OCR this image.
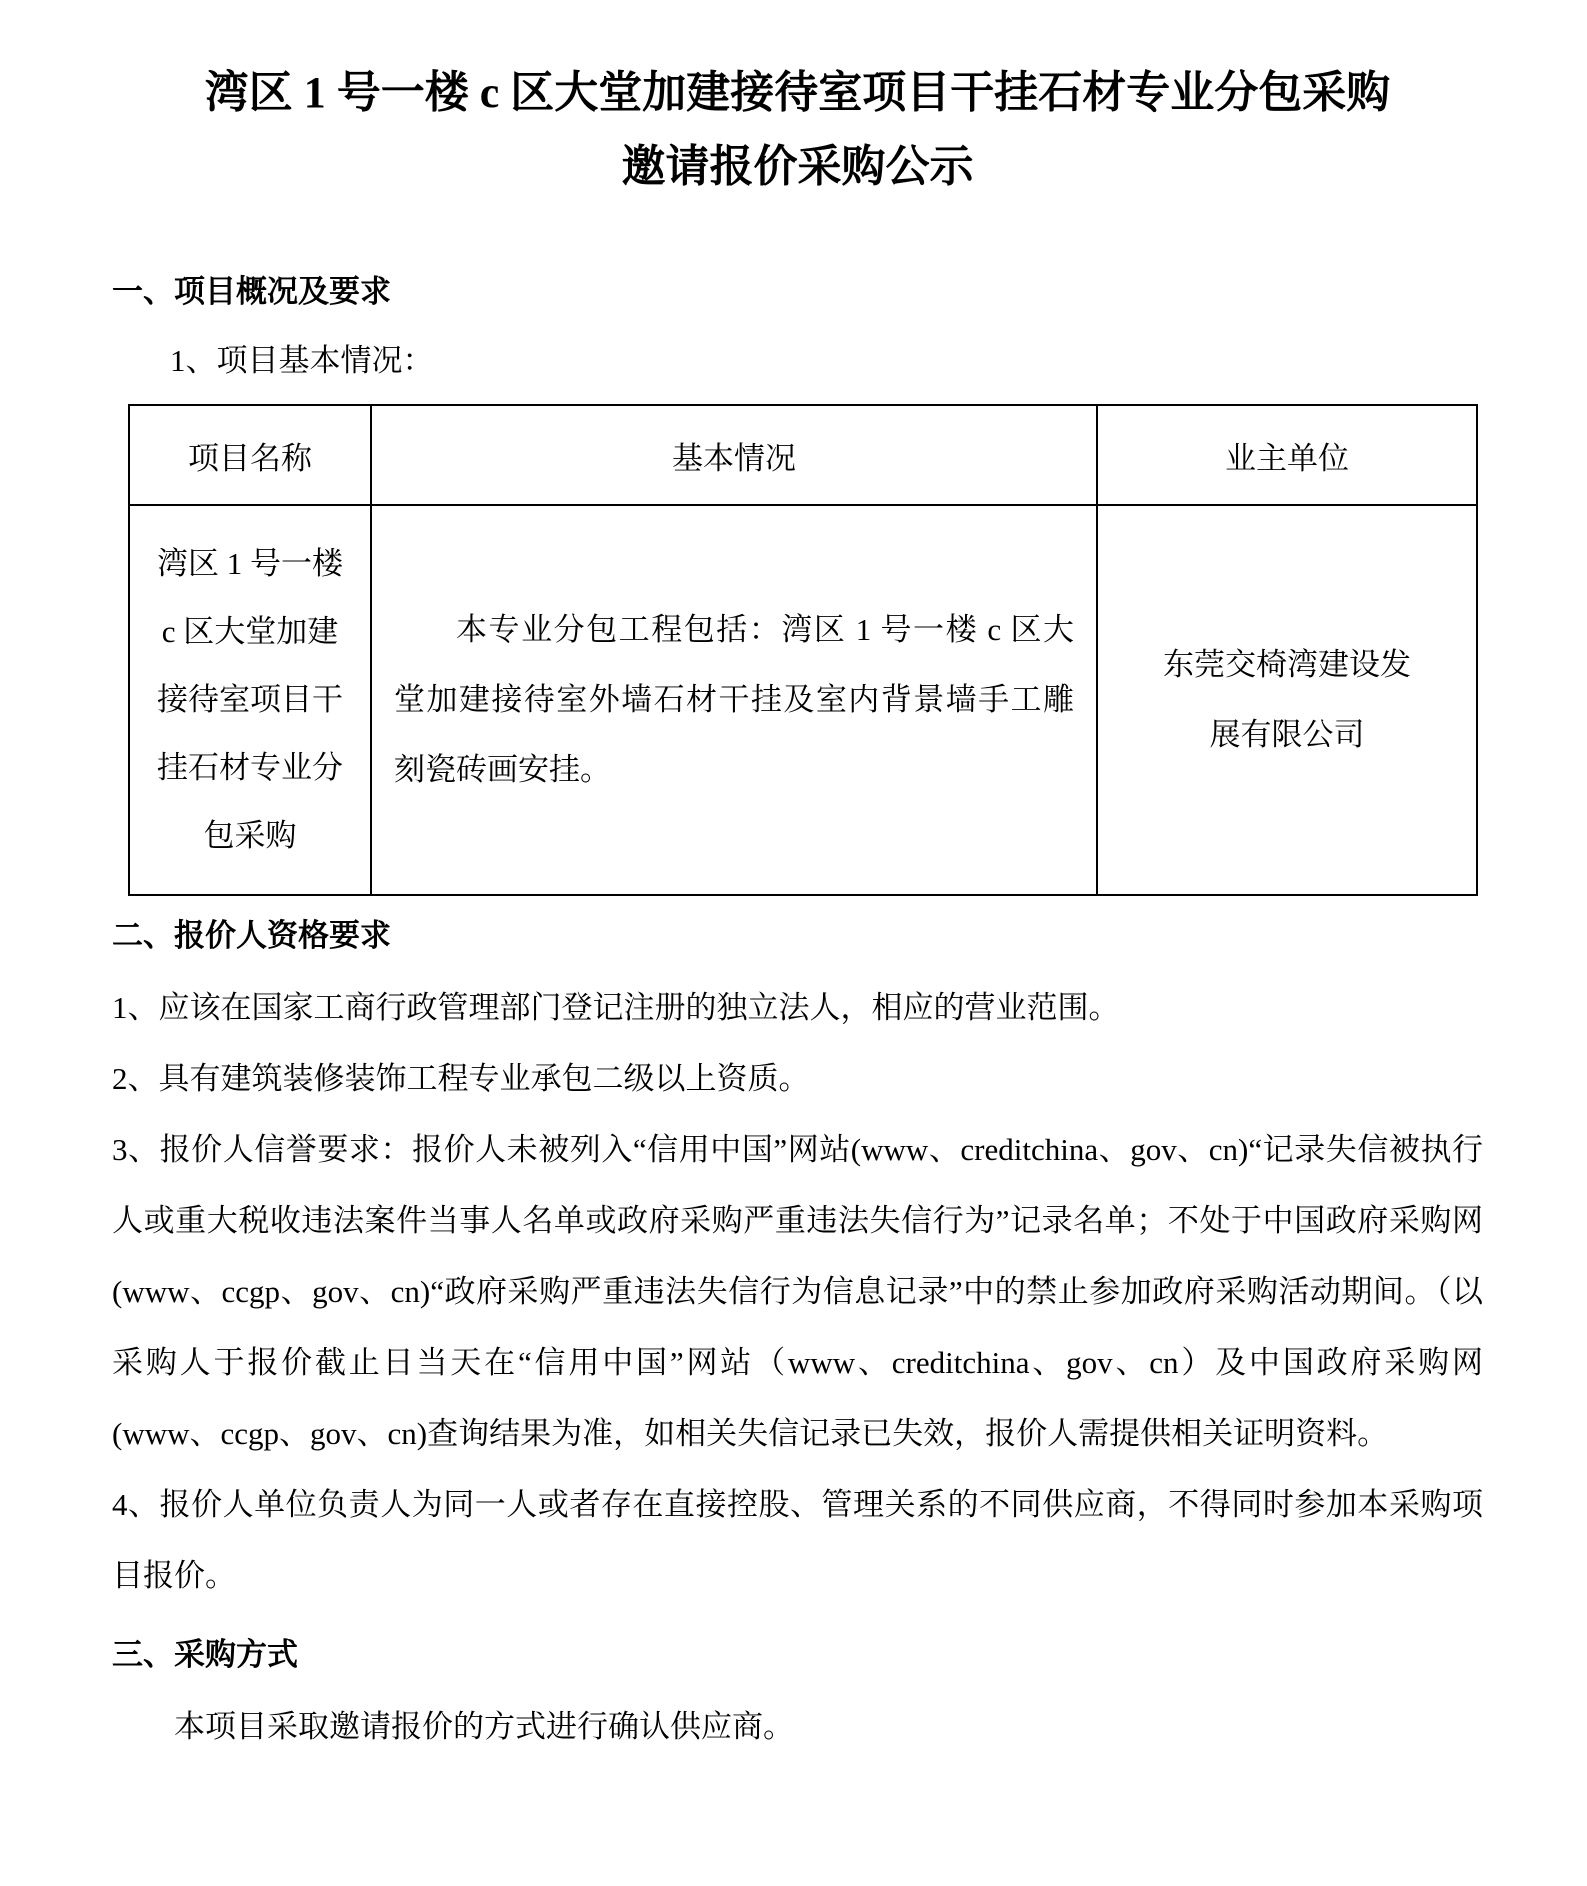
湾区 1 号一楼 c 区大堂加建接待室项目干挂石材专业分包采购
邀请报价采购公示
一、项目概况及要求

1、项目基本情况：

项目名称	基本情况	业主单位
湾区 1 号一楼 c 区大堂加建接待室项目干挂石材专业分包采购	本专业分包工程包括：湾区 1 号一楼 c 区大堂加建接待室外墙石材干挂及室内背景墙手工雕刻瓷砖画安挂。	东莞交椅湾建设发展有限公司
二、报价人资格要求

1、应该在国家工商行政管理部门登记注册的独立法人，相应的营业范围。

2、具有建筑装修装饰工程专业承包二级以上资质。

3、报价人信誉要求：报价人未被列入“信用中国”网站(www、creditchina、gov、cn)“记录失信被执行人或重大税收违法案件当事人名单或政府采购严重违法失信行为”记录名单；不处于中国政府采购网(www、ccgp、gov、cn)“政府采购严重违法失信行为信息记录”中的禁止参加政府采购活动期间。（以采购人于报价截止日当天在“信用中国”网站（www、creditchina、gov、cn）及中国政府采购网(www、ccgp、gov、cn)查询结果为准，如相关失信记录已失效，报价人需提供相关证明资料。

4、报价人单位负责人为同一人或者存在直接控股、管理关系的不同供应商，不得同时参加本采购项目报价。

三、采购方式

本项目采取邀请报价的方式进行确认供应商。
